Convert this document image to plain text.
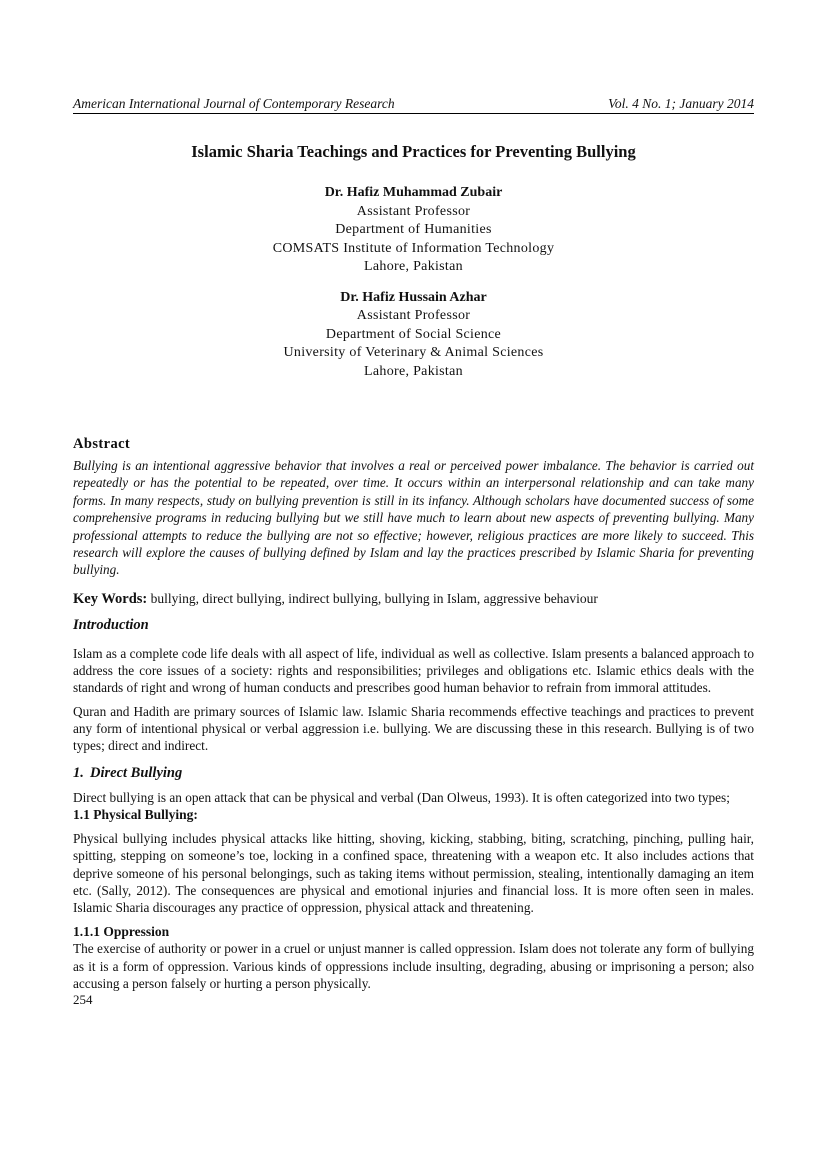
American International Journal of Contemporary Research	Vol. 4 No. 1; January 2014
Islamic Sharia Teachings and Practices for Preventing Bullying
Dr. Hafiz Muhammad Zubair
Assistant Professor
Department of Humanities
COMSATS Institute of Information Technology
Lahore, Pakistan
Dr. Hafiz Hussain Azhar
Assistant Professor
Department of Social Science
University of Veterinary & Animal Sciences
Lahore, Pakistan
Abstract
Bullying is an intentional aggressive behavior that involves a real or perceived power imbalance. The behavior is carried out repeatedly or has the potential to be repeated, over time. It occurs within an interpersonal relationship and can take many forms. In many respects, study on bullying prevention is still in its infancy. Although scholars have documented success of some comprehensive programs in reducing bullying but we still have much to learn about new aspects of preventing bullying. Many professional attempts to reduce the bullying are not so effective; however, religious practices are more likely to succeed. This research will explore the causes of bullying defined by Islam and lay the practices prescribed by Islamic Sharia for preventing bullying.
Key Words: bullying, direct bullying, indirect bullying, bullying in Islam, aggressive behaviour
Introduction

Islam as a complete code life deals with all aspect of life, individual as well as collective. Islam presents a balanced approach to address the core issues of a society: rights and responsibilities; privileges and obligations etc. Islamic ethics deals with the standards of right and wrong of human conducts and prescribes good human behavior to refrain from immoral attitudes.

Quran and Hadith are primary sources of Islamic law. Islamic Sharia recommends effective teachings and practices to prevent any form of intentional physical or verbal aggression i.e. bullying. We are discussing these in this research. Bullying is of two types; direct and indirect.

1. Direct Bullying

Direct bullying is an open attack that can be physical and verbal (Dan Olweus, 1993). It is often categorized into two types;

1.1 Physical Bullying:

Physical bullying includes physical attacks like hitting, shoving, kicking, stabbing, biting, scratching, pinching, pulling hair, spitting, stepping on someone’s toe, locking in a confined space, threatening with a weapon etc. It also includes actions that deprive someone of his personal belongings, such as taking items without permission, stealing, intentionally damaging an item etc. (Sally, 2012). The consequences are physical and emotional injuries and financial loss. It is more often seen in males. Islamic Sharia discourages any practice of oppression, physical attack and threatening.

1.1.1 Oppression

The exercise of authority or power in a cruel or unjust manner is called oppression. Islam does not tolerate any form of bullying as it is a form of oppression. Various kinds of oppressions include insulting, degrading, abusing or imprisoning a person; also accusing a person falsely or hurting a person physically.

254
